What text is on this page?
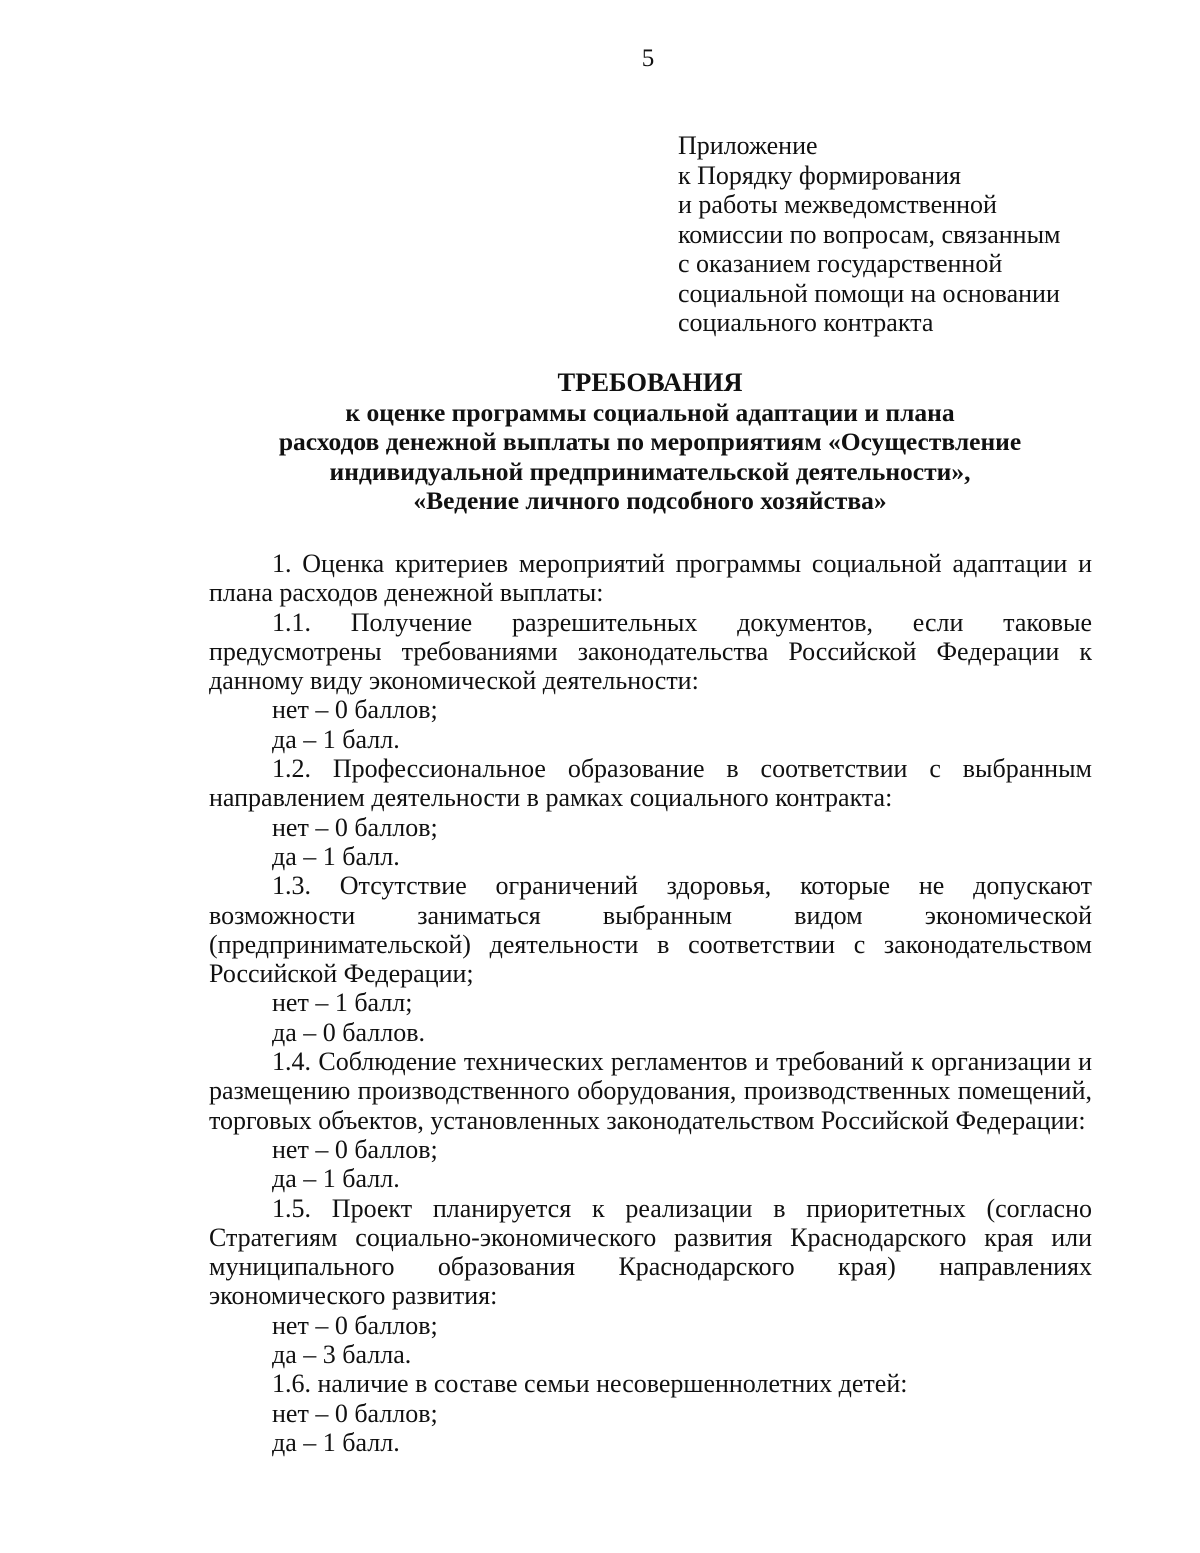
5
Приложение
к Порядку формирования
и работы межведомственной
комиссии по вопросам, связанным
с оказанием государственной
социальной помощи на основании
социального контракта
ТРЕБОВАНИЯ
к оценке программы социальной адаптации и плана
расходов денежной выплаты по мероприятиям «Осуществление
индивидуальной предпринимательской деятельности»,
«Ведение личного подсобного хозяйства»

1. Оценка критериев мероприятий программы социальной адаптации и плана расходов денежной выплаты:

1.1. Получение разрешительных документов, если таковые предусмотрены требованиями законодательства Российской Федерации к данному виду экономической деятельности:

нет – 0 баллов;

да – 1 балл.

1.2. Профессиональное образование в соответствии с выбранным направлением деятельности в рамках социального контракта:

нет – 0 баллов;

да – 1 балл.

1.3. Отсутствие ограничений здоровья, которые не допускают возможности заниматься выбранным видом экономической (предпринимательской) деятельности в соответствии с законодательством Российской Федерации;

нет – 1 балл;

да – 0 баллов.

1.4. Соблюдение технических регламентов и требований к организации и размещению производственного оборудования, производственных помещений, торговых объектов, установленных законодательством Российской Федерации:

нет – 0 баллов;

да – 1 балл.

1.5. Проект планируется к реализации в приоритетных (согласно Стратегиям социально-экономического развития Краснодарского края или муниципального образования Краснодарского края) направлениях экономического развития:

нет – 0 баллов;

да – 3 балла.

1.6. наличие в составе семьи несовершеннолетних детей:

нет – 0 баллов;

да – 1 балл.
